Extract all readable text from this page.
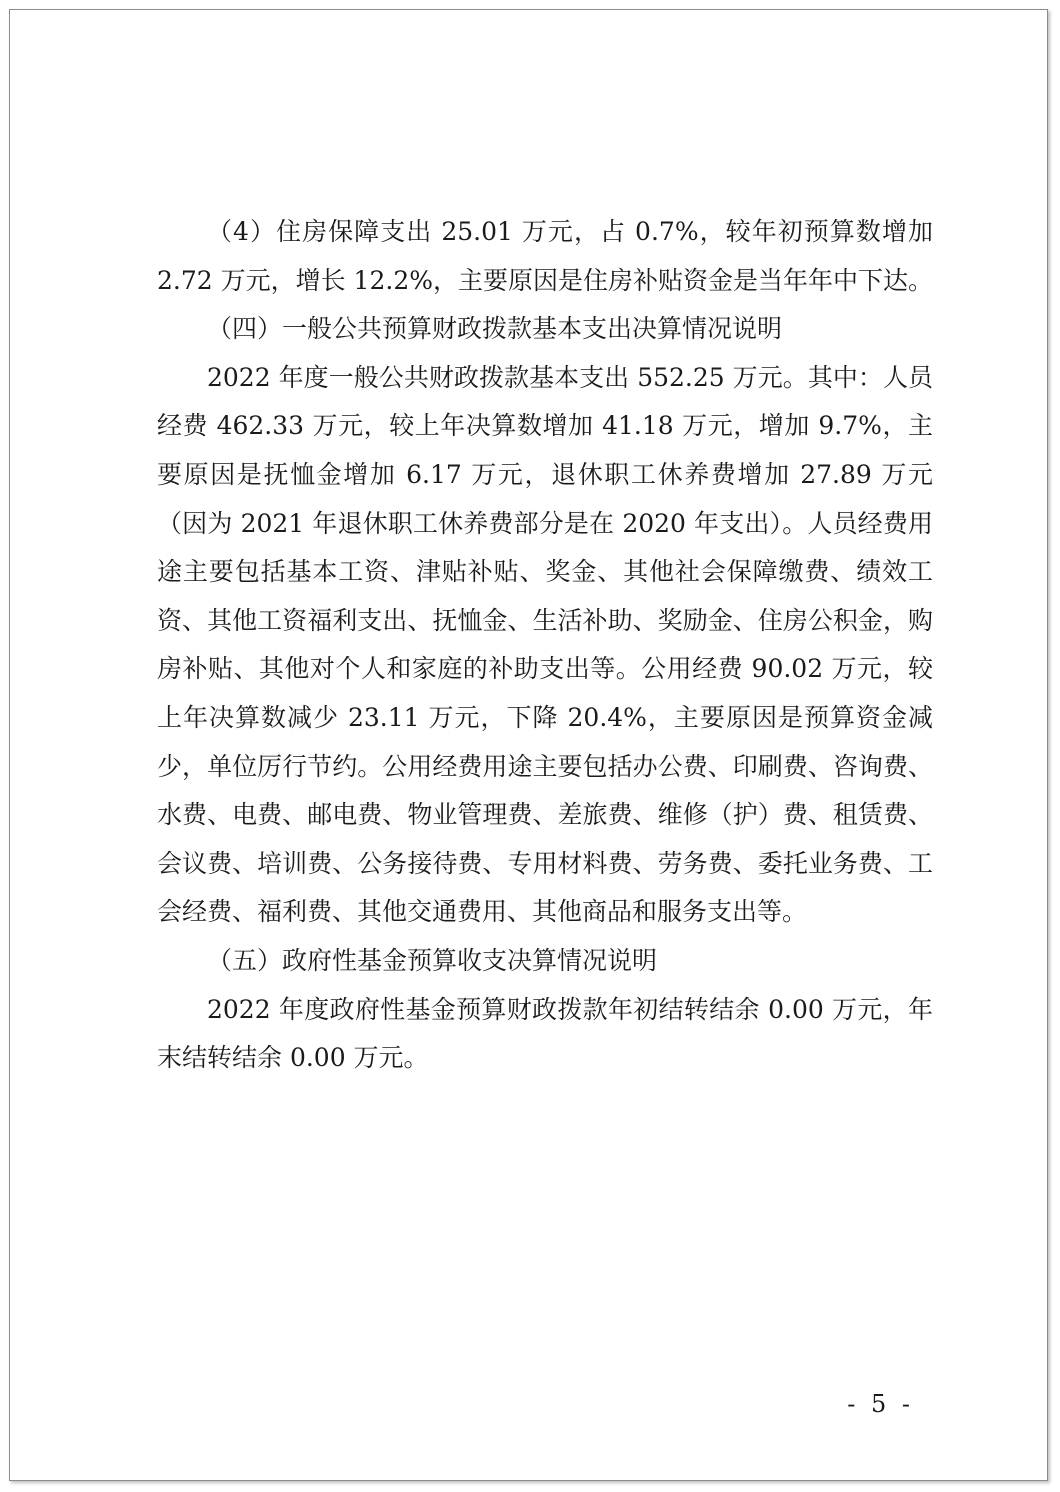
（4）住房保障支出 25.01 万元，占 0.7%，较年初预算数增加 2.72 万元，增长 12.2%，主要原因是住房补贴资金是当年年中下达。

（四）一般公共预算财政拨款基本支出决算情况说明

2022 年度一般公共财政拨款基本支出 552.25 万元。其中：人员经费 462.33 万元，较上年决算数增加 41.18 万元，增加 9.7%，主要原因是抚恤金增加 6.17 万元，退休职工休养费增加 27.89 万元（因为 2021 年退休职工休养费部分是在 2020 年支出）。人员经费用途主要包括基本工资、津贴补贴、奖金、其他社会保障缴费、绩效工资、其他工资福利支出、抚恤金、生活补助、奖励金、住房公积金，购房补贴、其他对个人和家庭的补助支出等。公用经费 90.02 万元，较上年决算数减少 23.11 万元，下降 20.4%，主要原因是预算资金减少，单位厉行节约。公用经费用途主要包括办公费、印刷费、咨询费、水费、电费、邮电费、物业管理费、差旅费、维修（护）费、租赁费、会议费、培训费、公务接待费、专用材料费、劳务费、委托业务费、工会经费、福利费、其他交通费用、其他商品和服务支出等。

（五）政府性基金预算收支决算情况说明

2022 年度政府性基金预算财政拨款年初结转结余 0.00 万元，年末结转结余 0.00 万元。

- 5 -
